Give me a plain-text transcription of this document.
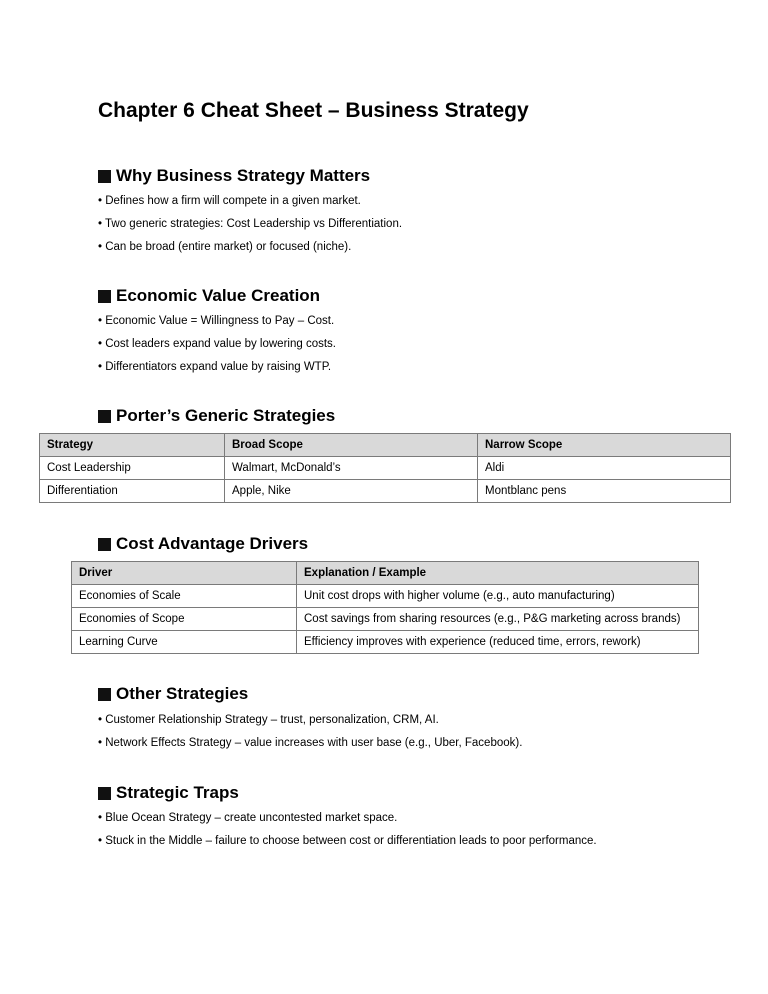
Chapter 6 Cheat Sheet – Business Strategy
Why Business Strategy Matters
• Defines how a firm will compete in a given market.
• Two generic strategies: Cost Leadership vs Differentiation.
• Can be broad (entire market) or focused (niche).
Economic Value Creation
• Economic Value = Willingness to Pay – Cost.
• Cost leaders expand value by lowering costs.
• Differentiators expand value by raising WTP.
Porter’s Generic Strategies
Strategy	Broad Scope	Narrow Scope
Cost Leadership	Walmart, McDonald’s	Aldi
Differentiation	Apple, Nike	Montblanc pens
Cost Advantage Drivers
Driver	Explanation / Example
Economies of Scale	Unit cost drops with higher volume (e.g., auto manufacturing)
Economies of Scope	Cost savings from sharing resources (e.g., P&G marketing across brands)
Learning Curve	Efficiency improves with experience (reduced time, errors, rework)
Other Strategies
• Customer Relationship Strategy – trust, personalization, CRM, AI.
• Network Effects Strategy – value increases with user base (e.g., Uber, Facebook).
Strategic Traps
• Blue Ocean Strategy – create uncontested market space.
• Stuck in the Middle – failure to choose between cost or differentiation leads to poor performance.
